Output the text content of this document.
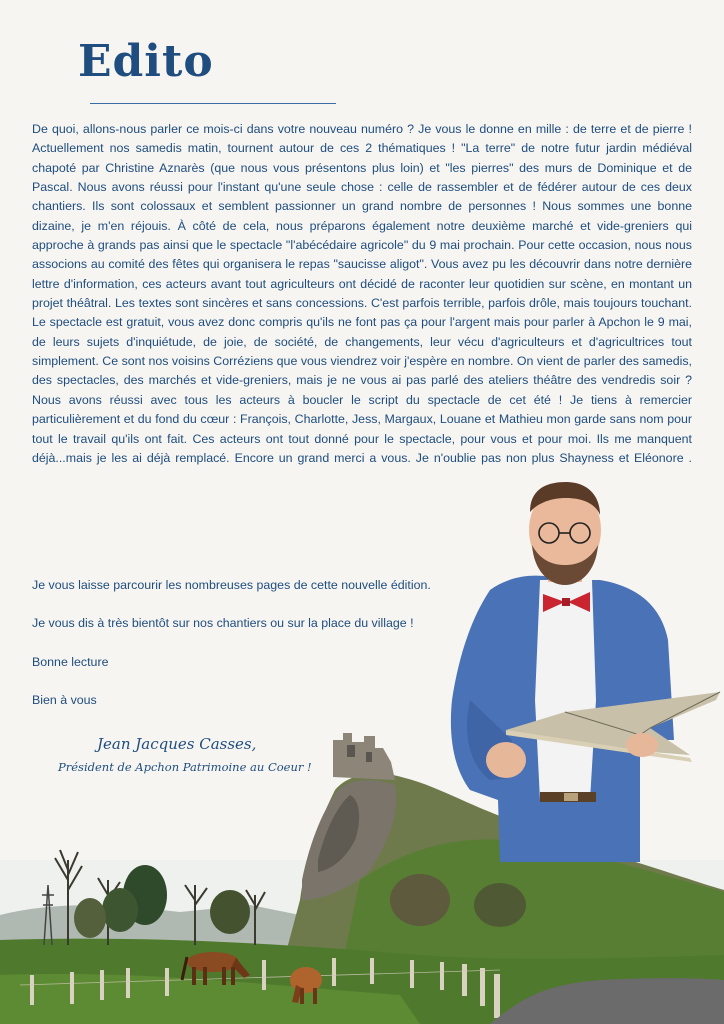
Edito

De quoi, allons-nous parler ce mois-ci dans votre nouveau numéro ? Je vous le donne en mille : de terre et de pierre ! Actuellement nos samedis matin, tournent autour de ces 2 thématiques ! "La terre" de notre futur jardin médiéval chapoté par Christine Aznarès (que nous vous présentons plus loin) et "les pierres" des murs de Dominique et de Pascal. Nous avons réussi pour l'instant qu'une seule chose : celle de rassembler et de fédérer autour de ces deux chantiers. Ils sont colossaux et semblent passionner un grand nombre de personnes ! Nous sommes une bonne dizaine, je m'en réjouis. À côté de cela, nous préparons également notre deuxième marché et vide-greniers qui approche à grands pas ainsi que le spectacle "l'abécédaire agricole" du 9 mai prochain. Pour cette occasion, nous nous associons au comité des fêtes qui organisera le repas "saucisse aligot". Vous avez pu les découvrir dans notre dernière lettre d'information, ces acteurs avant tout agriculteurs ont décidé de raconter leur quotidien sur scène, en montant un projet théâtral. Les textes sont sincères et sans concessions. C'est parfois terrible, parfois drôle, mais toujours touchant. Le spectacle est gratuit, vous avez donc compris qu'ils ne font pas ça pour l'argent mais pour parler à Apchon le 9 mai, de leurs sujets d'inquiétude, de joie, de société, de changements, leur vécu d'agriculteurs et d'agricultrices tout simplement. Ce sont nos voisins Corréziens que vous viendrez voir j'espère en nombre. On vient de parler des samedis, des spectacles, des marchés et vide-greniers, mais je ne vous ai pas parlé des ateliers théâtre des vendredis soir ? Nous avons réussi avec tous les acteurs à boucler le script du spectacle de cet été ! Je tiens à remercier particulièrement et du fond du cœur : François, Charlotte, Jess, Margaux, Louane et Mathieu mon garde sans nom pour tout le travail qu'ils ont fait. Ces acteurs ont tout donné pour le spectacle, pour vous et pour moi. Ils me manquent déjà...mais je les ai déjà remplacé. Encore un grand merci a vous. Je n'oublie pas non plus Shayness et Eléonore .

Je vous laisse parcourir les nombreuses pages de cette nouvelle édition.

Je vous dis à très bientôt sur nos chantiers ou sur la place du village !

Bonne lecture

Bien à vous

Jean Jacques Casses,
Président de Apchon Patrimoine au Coeur !
